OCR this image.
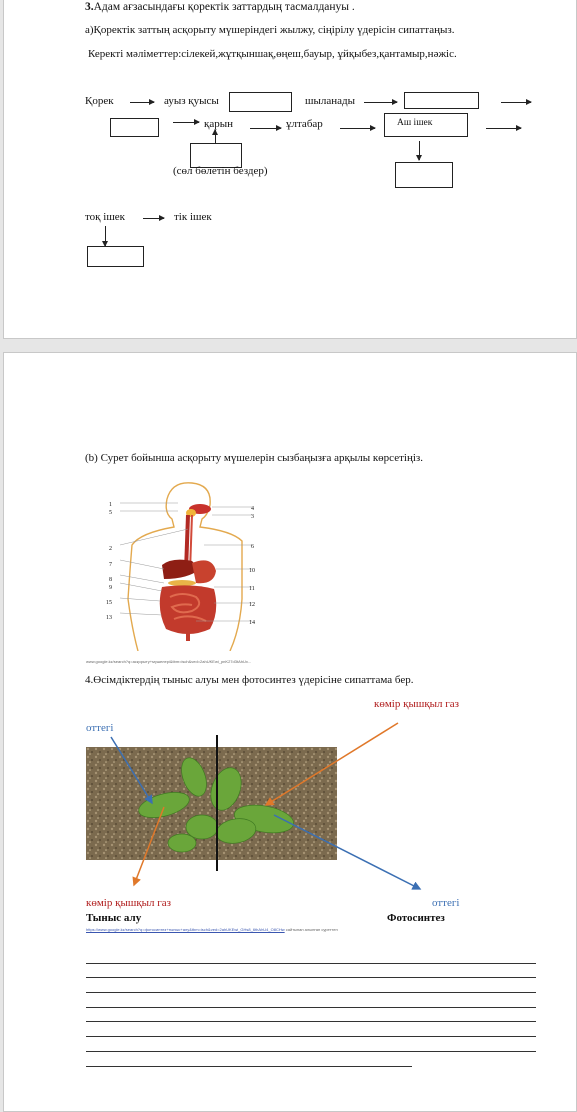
3.Адам ағзасындағы қоректік заттардың тасмалдануы .
а)Қоректік заттың асқорыту мүшеріндегі жылжу, сіңірілу үдерісін сипаттаңыз.
Керекті мәліметтер:сілекей,жұтқыншақ,өңеш,бауыр, ұйқыбез,қантамыр,нәжіс.
Қорек	ауыз қуысы	шыланады
қарын	ұлтабар	Аш ішек
(сөл бөлетін бездер)
тоқ ішек	тік ішек
(b) Сурет бойынша асқорыту мүшелерін сызбаңызға арқылы көрсетіңіз.
1
5
2
7
8
9
15
13
4
3
6
10
11
12
14
www.google.kz/search?q=асқорыту+мүшелері&tbm=isch&ved=2ahUKEwi_pnK27d3tAhUx...
4.Өсімдіктердің тыныс алуы мен фотосинтез үдерісіне сипаттама бер.
көмір қышқыл газ
оттегі
көмір қышқыл газ	оттегі
Тыныс алу	Фотосинтез
https://www.google.kz/search?q=фотосинтез+тыныс+алу&tbm=isch&ved=2ahUKEwi_GHs8_6thAhU4_O8CHw сайтынан алынған суреттен
